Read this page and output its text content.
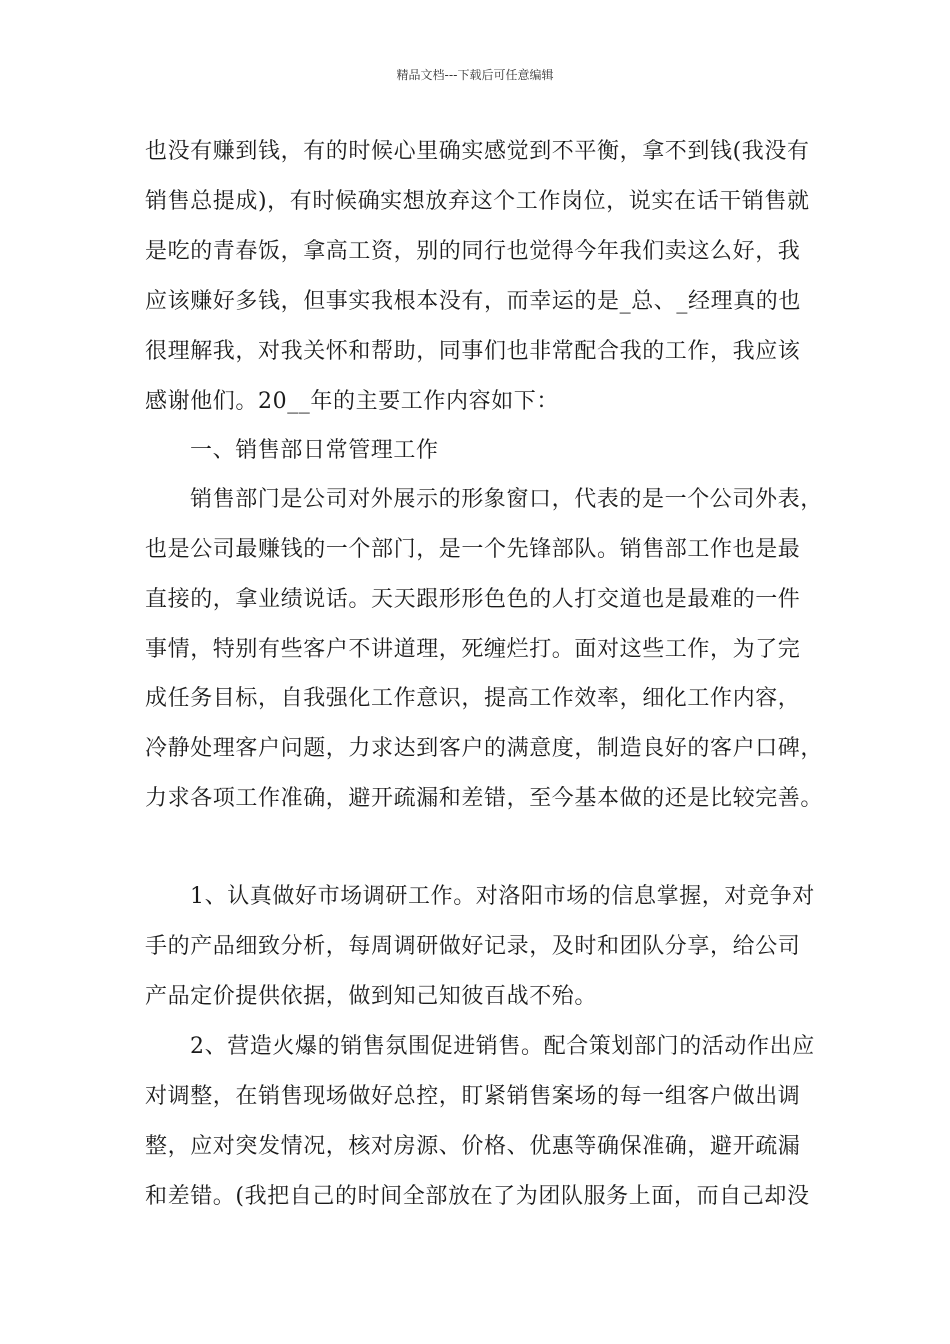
精品文档---下载后可任意编辑
也没有赚到钱，有的时候心里确实感觉到不平衡，拿不到钱(我没有
销售总提成)，有时候确实想放弃这个工作岗位，说实在话干销售就
是吃的青春饭，拿高工资，别的同行也觉得今年我们卖这么好，我
应该赚好多钱，但事实我根本没有，而幸运的是_总、_经理真的也
很理解我，对我关怀和帮助，同事们也非常配合我的工作，我应该
感谢他们。20__年的主要工作内容如下：
一、销售部日常管理工作
销售部门是公司对外展示的形象窗口，代表的是一个公司外表，
也是公司最赚钱的一个部门，是一个先锋部队。销售部工作也是最
直接的，拿业绩说话。天天跟形形色色的人打交道也是最难的一件
事情，特别有些客户不讲道理，死缠烂打。面对这些工作，为了完
成任务目标，自我强化工作意识，提高工作效率，细化工作内容，
冷静处理客户问题，力求达到客户的满意度，制造良好的客户口碑，
力求各项工作准确，避开疏漏和差错，至今基本做的还是比较完善。
1、认真做好市场调研工作。对洛阳市场的信息掌握，对竞争对
手的产品细致分析，每周调研做好记录，及时和团队分享，给公司
产品定价提供依据，做到知己知彼百战不殆。
2、营造火爆的销售氛围促进销售。配合策划部门的活动作出应
对调整，在销售现场做好总控，盯紧销售案场的每一组客户做出调
整，应对突发情况，核对房源、价格、优惠等确保准确，避开疏漏
和差错。(我把自己的时间全部放在了为团队服务上面，而自己却没
